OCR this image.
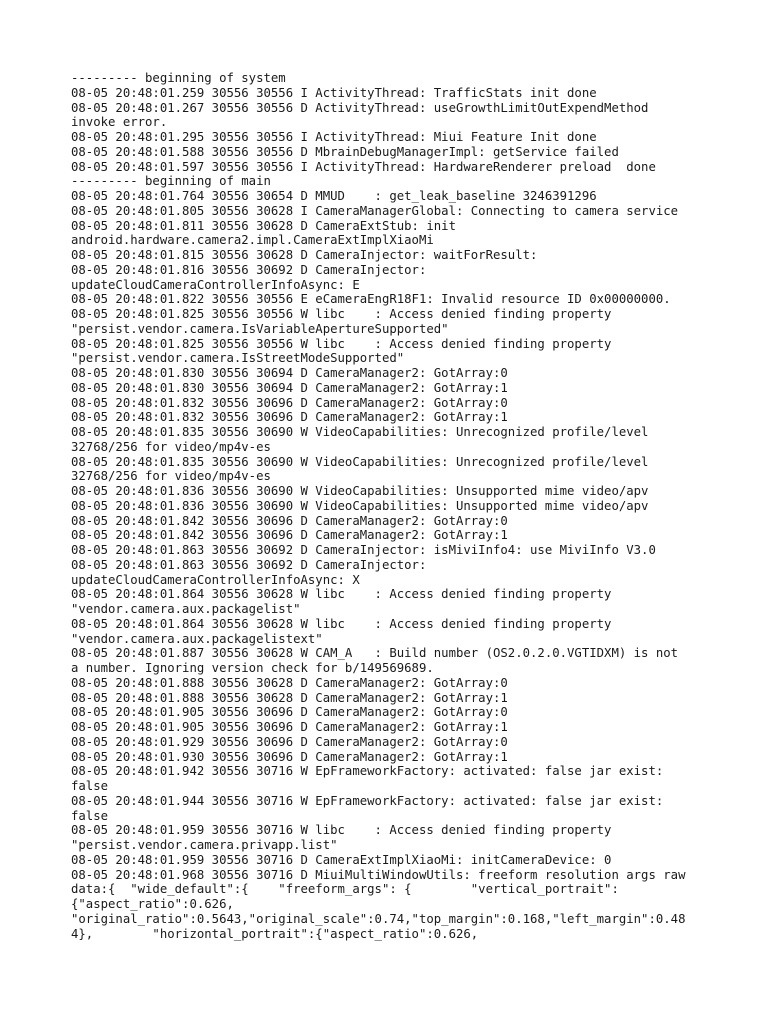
--------- beginning of system
08-05 20:48:01.259 30556 30556 I ActivityThread: TrafficStats init done
08-05 20:48:01.267 30556 30556 D ActivityThread: useGrowthLimitOutExpendMethod
invoke error.
08-05 20:48:01.295 30556 30556 I ActivityThread: Miui Feature Init done
08-05 20:48:01.588 30556 30556 D MbrainDebugManagerImpl: getService failed
08-05 20:48:01.597 30556 30556 I ActivityThread: HardwareRenderer preload  done
--------- beginning of main
08-05 20:48:01.764 30556 30654 D MMUD    : get_leak_baseline 3246391296
08-05 20:48:01.805 30556 30628 I CameraManagerGlobal: Connecting to camera service
08-05 20:48:01.811 30556 30628 D CameraExtStub: init
android.hardware.camera2.impl.CameraExtImplXiaoMi
08-05 20:48:01.815 30556 30628 D CameraInjector: waitForResult:
08-05 20:48:01.816 30556 30692 D CameraInjector:
updateCloudCameraControllerInfoAsync: E
08-05 20:48:01.822 30556 30556 E eCameraEngR18F1: Invalid resource ID 0x00000000.
08-05 20:48:01.825 30556 30556 W libc    : Access denied finding property
"persist.vendor.camera.IsVariableApertureSupported"
08-05 20:48:01.825 30556 30556 W libc    : Access denied finding property
"persist.vendor.camera.IsStreetModeSupported"
08-05 20:48:01.830 30556 30694 D CameraManager2: GotArray:0
08-05 20:48:01.830 30556 30694 D CameraManager2: GotArray:1
08-05 20:48:01.832 30556 30696 D CameraManager2: GotArray:0
08-05 20:48:01.832 30556 30696 D CameraManager2: GotArray:1
08-05 20:48:01.835 30556 30690 W VideoCapabilities: Unrecognized profile/level
32768/256 for video/mp4v-es
08-05 20:48:01.835 30556 30690 W VideoCapabilities: Unrecognized profile/level
32768/256 for video/mp4v-es
08-05 20:48:01.836 30556 30690 W VideoCapabilities: Unsupported mime video/apv
08-05 20:48:01.836 30556 30690 W VideoCapabilities: Unsupported mime video/apv
08-05 20:48:01.842 30556 30696 D CameraManager2: GotArray:0
08-05 20:48:01.842 30556 30696 D CameraManager2: GotArray:1
08-05 20:48:01.863 30556 30692 D CameraInjector: isMiviInfo4: use MiviInfo V3.0
08-05 20:48:01.863 30556 30692 D CameraInjector:
updateCloudCameraControllerInfoAsync: X
08-05 20:48:01.864 30556 30628 W libc    : Access denied finding property
"vendor.camera.aux.packagelist"
08-05 20:48:01.864 30556 30628 W libc    : Access denied finding property
"vendor.camera.aux.packagelistext"
08-05 20:48:01.887 30556 30628 W CAM_A   : Build number (OS2.0.2.0.VGTIDXM) is not
a number. Ignoring version check for b/149569689.
08-05 20:48:01.888 30556 30628 D CameraManager2: GotArray:0
08-05 20:48:01.888 30556 30628 D CameraManager2: GotArray:1
08-05 20:48:01.905 30556 30696 D CameraManager2: GotArray:0
08-05 20:48:01.905 30556 30696 D CameraManager2: GotArray:1
08-05 20:48:01.929 30556 30696 D CameraManager2: GotArray:0
08-05 20:48:01.930 30556 30696 D CameraManager2: GotArray:1
08-05 20:48:01.942 30556 30716 W EpFrameworkFactory: activated: false jar exist:
false
08-05 20:48:01.944 30556 30716 W EpFrameworkFactory: activated: false jar exist:
false
08-05 20:48:01.959 30556 30716 W libc    : Access denied finding property
"persist.vendor.camera.privapp.list"
08-05 20:48:01.959 30556 30716 D CameraExtImplXiaoMi: initCameraDevice: 0
08-05 20:48:01.968 30556 30716 D MiuiMultiWindowUtils: freeform resolution args raw
data:{  "wide_default":{    "freeform_args": {        "vertical_portrait":
{"aspect_ratio":0.626,
"original_ratio":0.5643,"original_scale":0.74,"top_margin":0.168,"left_margin":0.48
4},        "horizontal_portrait":{"aspect_ratio":0.626,
